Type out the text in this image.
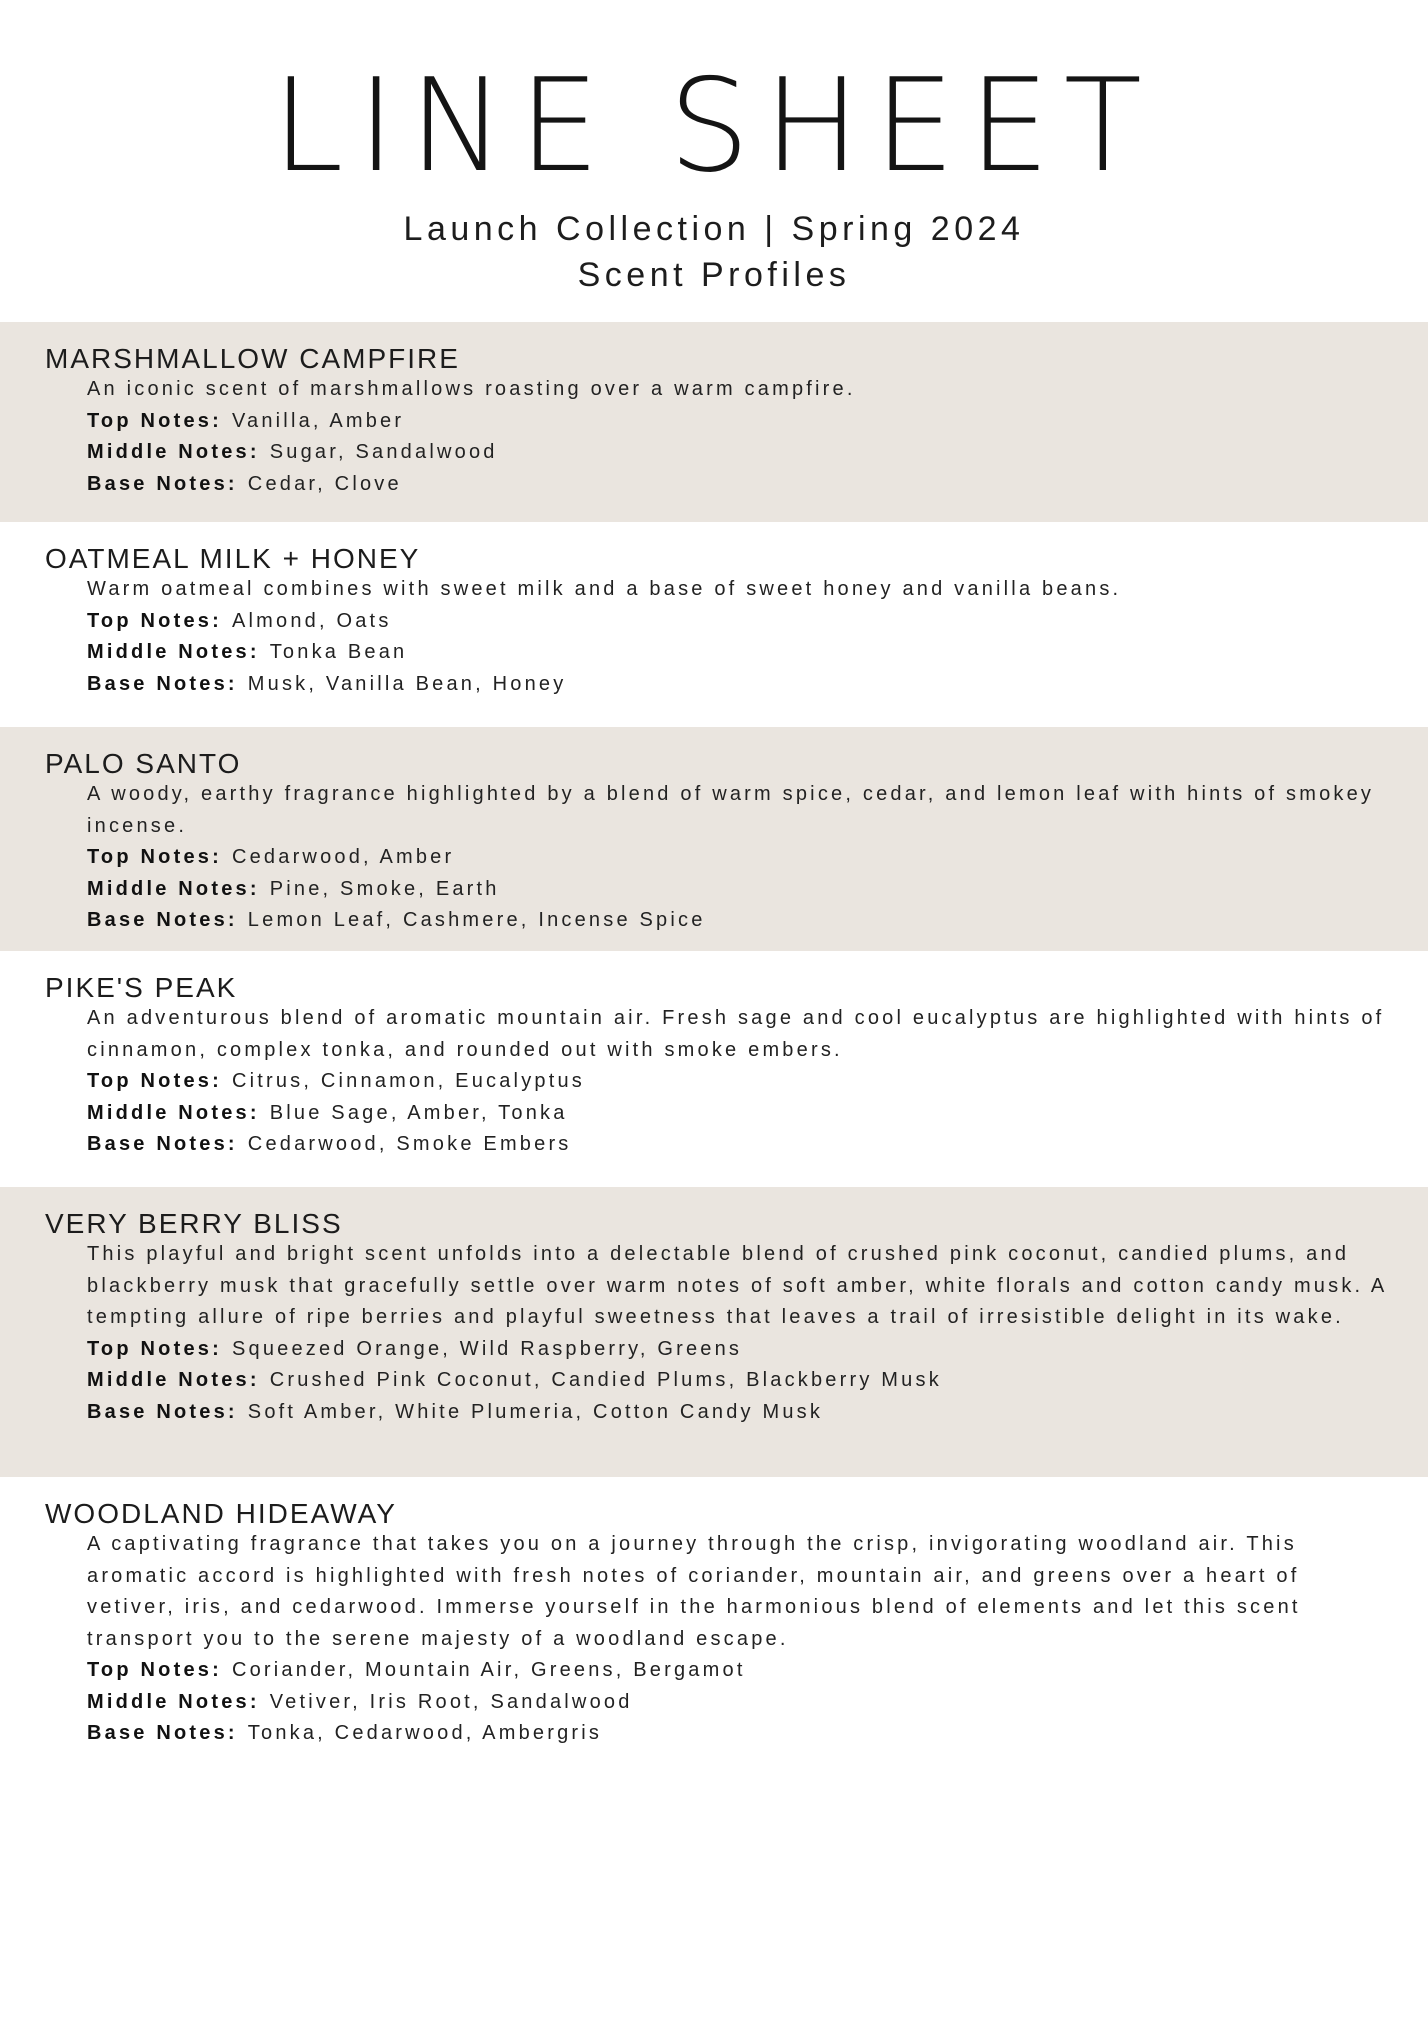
LINE SHEET
Launch Collection | Spring 2024
Scent Profiles
MARSHMALLOW CAMPFIRE
An iconic scent of marshmallows roasting over a warm campfire.
Top Notes: Vanilla, Amber
Middle Notes: Sugar, Sandalwood
Base Notes: Cedar, Clove
OATMEAL MILK + HONEY
Warm oatmeal combines with sweet milk and a base of sweet honey and vanilla beans.
Top Notes: Almond, Oats
Middle Notes: Tonka Bean
Base Notes: Musk, Vanilla Bean, Honey
PALO SANTO
A woody, earthy fragrance highlighted by a blend of warm spice, cedar, and lemon leaf with hints of smokey incense.
Top Notes: Cedarwood, Amber
Middle Notes: Pine, Smoke, Earth
Base Notes: Lemon Leaf, Cashmere, Incense Spice
PIKE'S PEAK
An adventurous blend of aromatic mountain air. Fresh sage and cool eucalyptus are highlighted with hints of cinnamon, complex tonka, and rounded out with smoke embers.
Top Notes: Citrus, Cinnamon, Eucalyptus
Middle Notes: Blue Sage, Amber, Tonka
Base Notes: Cedarwood, Smoke Embers
VERY BERRY BLISS
This playful and bright scent unfolds into a delectable blend of crushed pink coconut, candied plums, and blackberry musk that gracefully settle over warm notes of soft amber, white florals and cotton candy musk. A tempting allure of ripe berries and playful sweetness that leaves a trail of irresistible delight in its wake.
Top Notes: Squeezed Orange, Wild Raspberry, Greens
Middle Notes: Crushed Pink Coconut, Candied Plums, Blackberry Musk
Base Notes: Soft Amber, White Plumeria, Cotton Candy Musk
WOODLAND HIDEAWAY
A captivating fragrance that takes you on a journey through the crisp, invigorating woodland air. This aromatic accord is highlighted with fresh notes of coriander, mountain air, and greens over a heart of vetiver, iris, and cedarwood. Immerse yourself in the harmonious blend of elements and let this scent transport you to the serene majesty of a woodland escape.
Top Notes: Coriander, Mountain Air, Greens, Bergamot
Middle Notes: Vetiver, Iris Root, Sandalwood
Base Notes: Tonka, Cedarwood, Ambergris
